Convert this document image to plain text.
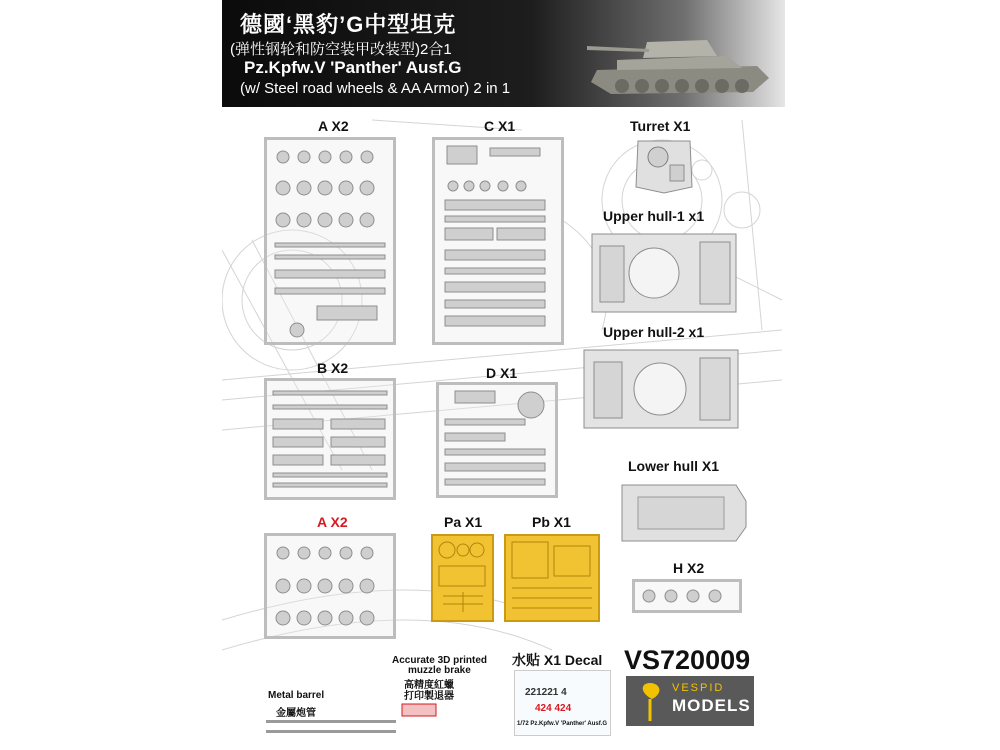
德國‘黑豹’G中型坦克
(弹性钢轮和防空装甲改装型)2合1
Pz.Kpfw.V 'Panther' Ausf.G
(w/ Steel road wheels & AA Armor) 2 in 1
A X2	C X1	Turret X1
Upper hull-1 x1
Upper hull-2 x1
B X2	D X1
Lower hull X1
A X2	Pa X1	Pb X1
H X2
水贴 X1 Decal
Accurate 3D printed
muzzle brake
高精度紅蠟
打印製退器
Metal barrel
金屬炮管
221221 4
424 424
1/72 Pz.Kpfw.V 'Panther' Ausf.G
VS720009
VESPID
MODELS
